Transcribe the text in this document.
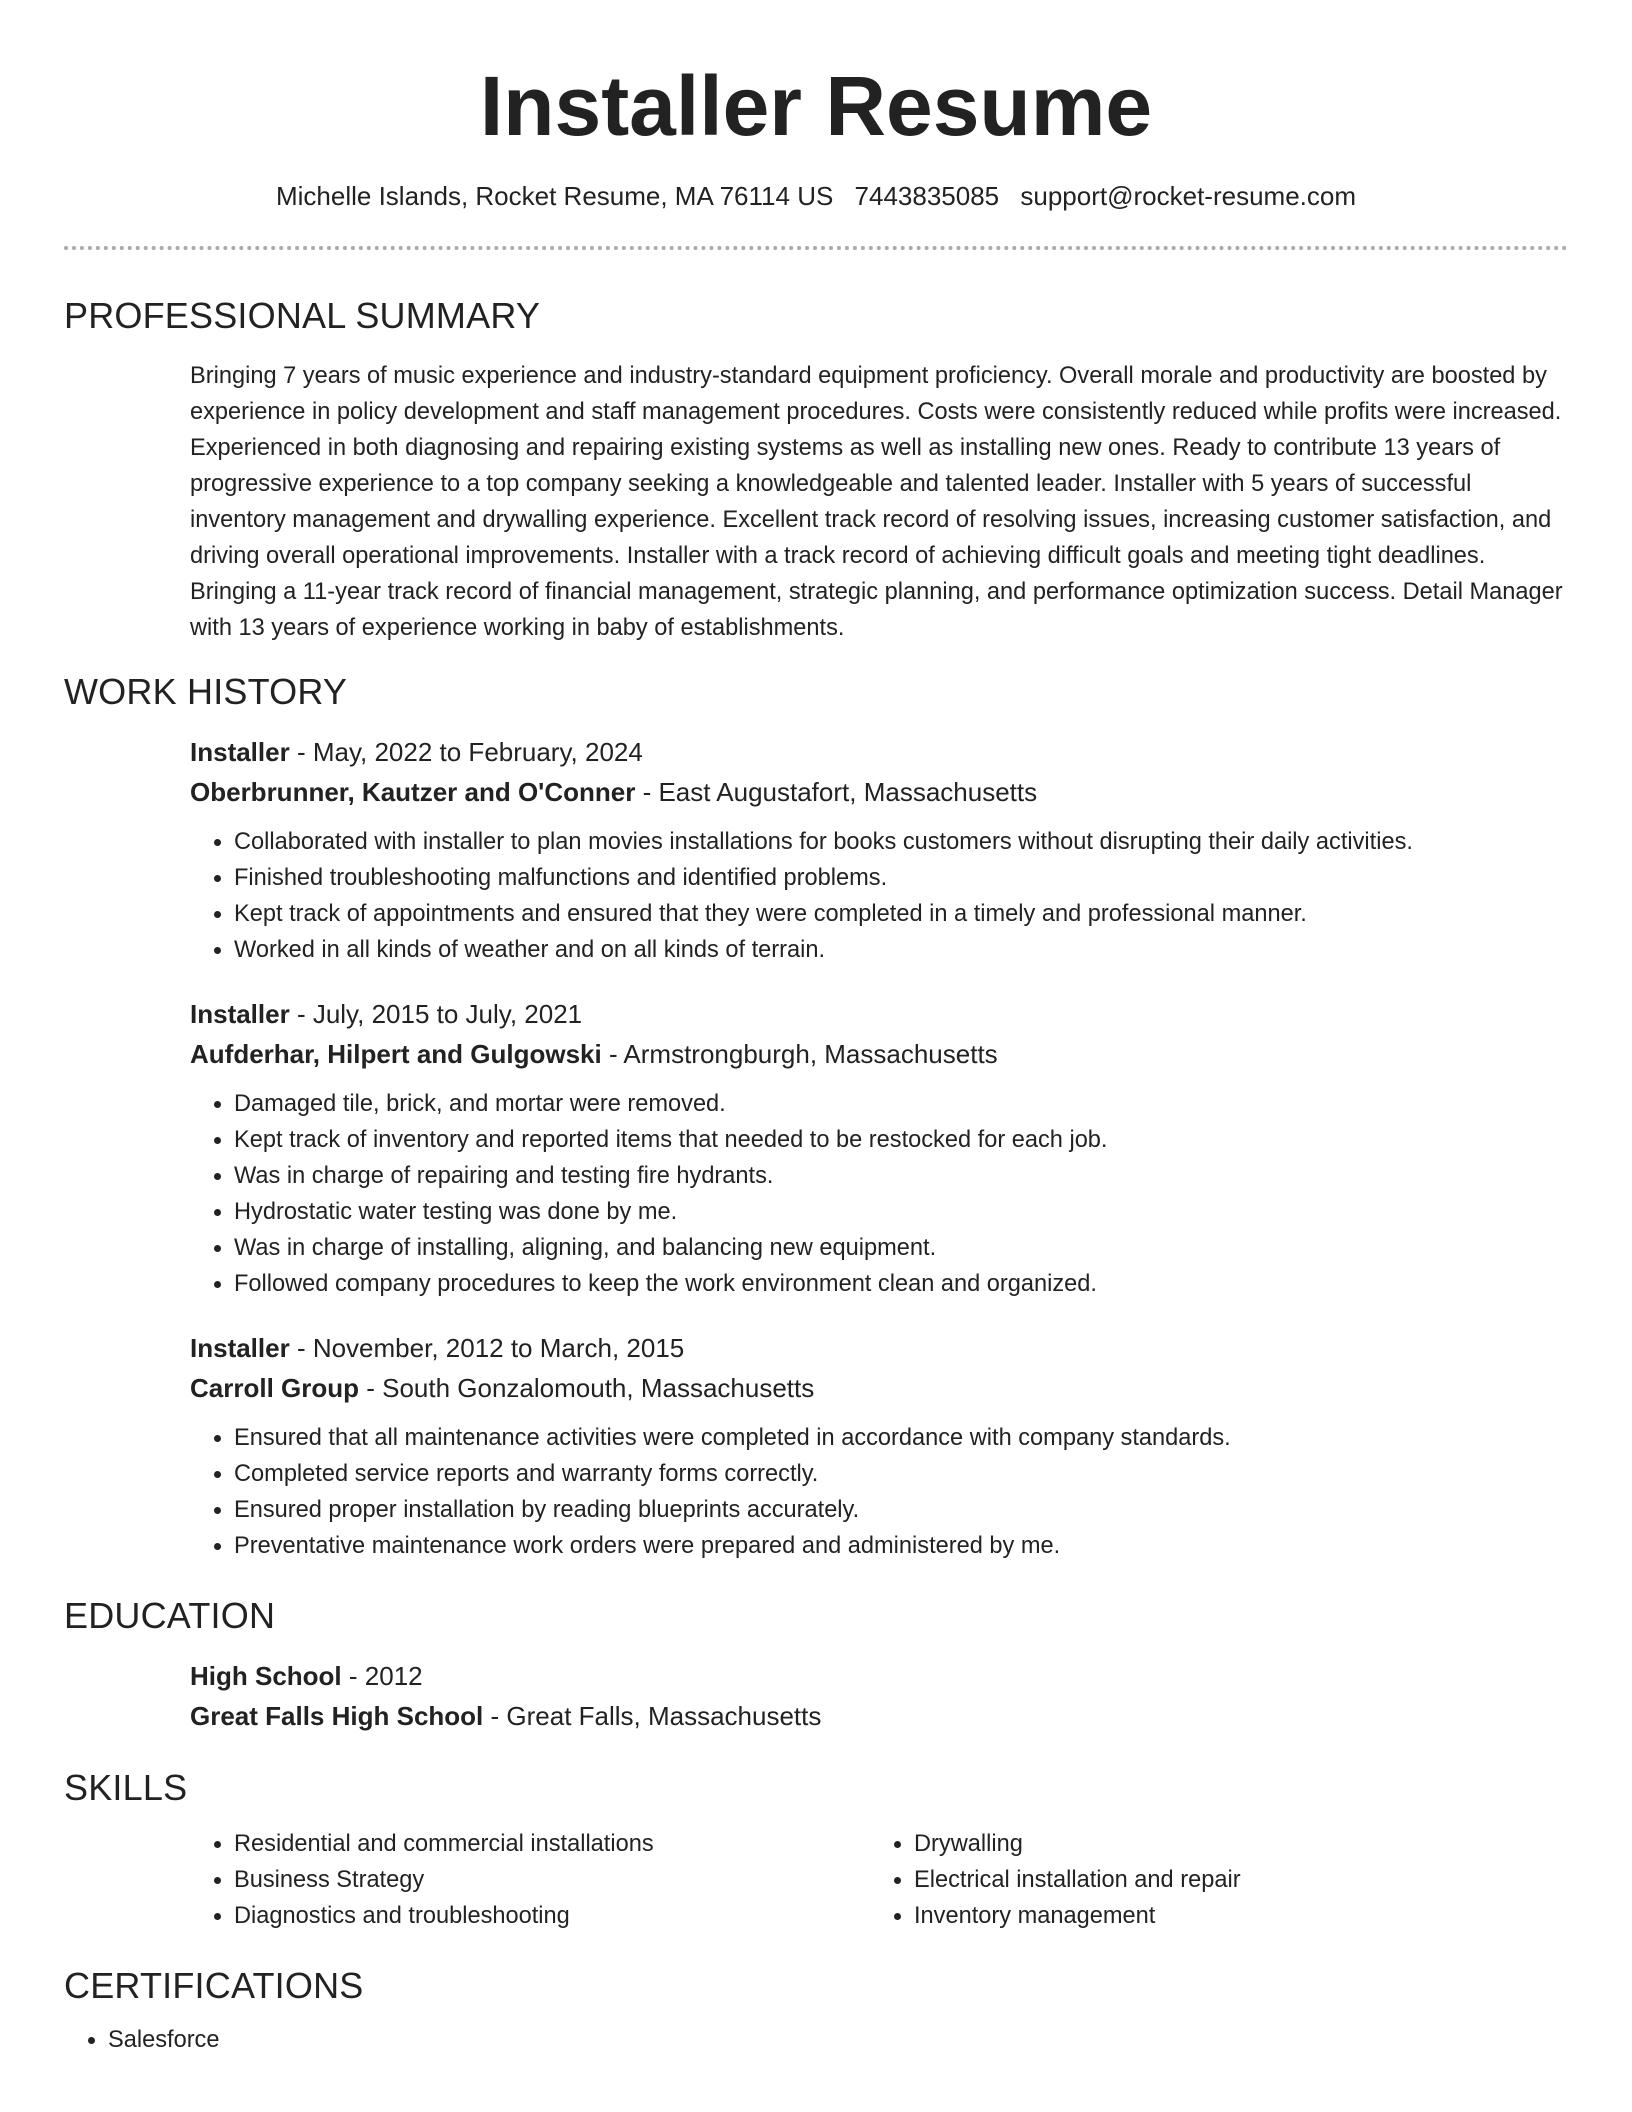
Installer Resume
Michelle Islands, Rocket Resume, MA 76114 US 7443835085 support@rocket-resume.com
PROFESSIONAL SUMMARY

Bringing 7 years of music experience and industry-standard equipment proficiency. Overall morale and productivity are boosted by experience in policy development and staff management procedures. Costs were consistently reduced while profits were increased. Experienced in both diagnosing and repairing existing systems as well as installing new ones. Ready to contribute 13 years of progressive experience to a top company seeking a knowledgeable and talented leader. Installer with 5 years of successful inventory management and drywalling experience. Excellent track record of resolving issues, increasing customer satisfaction, and driving overall operational improvements. Installer with a track record of achieving difficult goals and meeting tight deadlines. Bringing a 11-year track record of financial management, strategic planning, and performance optimization success. Detail Manager with 13 years of experience working in baby of establishments.

WORK HISTORY
Installer - May, 2022 to February, 2024
Oberbrunner, Kautzer and O'Conner - East Augustafort, Massachusetts
• Collaborated with installer to plan movies installations for books customers without disrupting their daily activities.
• Finished troubleshooting malfunctions and identified problems.
• Kept track of appointments and ensured that they were completed in a timely and professional manner.
• Worked in all kinds of weather and on all kinds of terrain.
Installer - July, 2015 to July, 2021
Aufderhar, Hilpert and Gulgowski - Armstrongburgh, Massachusetts
• Damaged tile, brick, and mortar were removed.
• Kept track of inventory and reported items that needed to be restocked for each job.
• Was in charge of repairing and testing fire hydrants.
• Hydrostatic water testing was done by me.
• Was in charge of installing, aligning, and balancing new equipment.
• Followed company procedures to keep the work environment clean and organized.
Installer - November, 2012 to March, 2015
Carroll Group - South Gonzalomouth, Massachusetts
• Ensured that all maintenance activities were completed in accordance with company standards.
• Completed service reports and warranty forms correctly.
• Ensured proper installation by reading blueprints accurately.
• Preventative maintenance work orders were prepared and administered by me.
EDUCATION
High School - 2012
Great Falls High School - Great Falls, Massachusetts
SKILLS
• Residential and commercial installations
• Business Strategy
• Diagnostics and troubleshooting
• Drywalling
• Electrical installation and repair
• Inventory management
CERTIFICATIONS
• Salesforce
